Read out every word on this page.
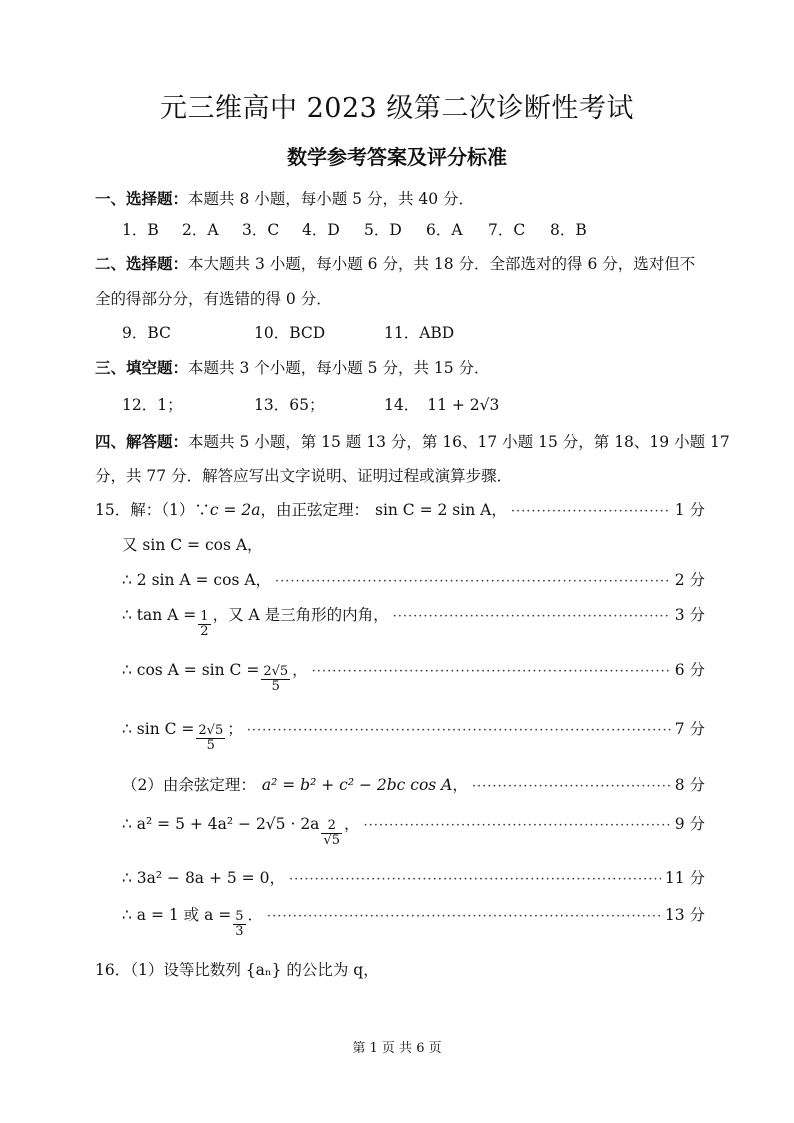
元三维高中 2023 级第二次诊断性考试
数学参考答案及评分标准
一、选择题：本题共 8 小题，每小题 5 分，共 40 分．
1．B 2．A 3．C 4．D 5．D 6．A 7．C 8．B
二、选择题：本大题共 3 小题，每小题 6 分，共 18 分．全部选对的得 6 分，选对但不
全的得部分分，有选错的得 0 分．
9．BC	10．BCD	11．ABD
三、填空题：本题共 3 个小题，每小题 5 分，共 15 分．
12．1；	13．65；	14． 11 + 2√3
四、解答题：本题共 5 小题，第 15 题 13 分，第 16、17 小题 15 分，第 18、19 小题 17
分，共 77 分．解答应写出文字说明、证明过程或演算步骤．
15．解：（1）∵ c = 2a ，由正弦定理： sin C = 2 sin A ， ·····	1 分
又 sin C = cos A，
∴ 2 sin A = cos A， ·····	2 分
∴ $\tan A = \frac{1}{2}$ ，又 A 是三角形的内角， ·····	3 分
∴ $\cos A = \sin C = \frac{2√5}{5}$ ， ·····	6 分
∴ $\sin C = \frac{2√5}{5}$ ； ·····	7 分
（2）由余弦定理： a² = b² + c² − 2bc cos A ， ·····	8 分
∴ $a^2 = 5 + 4a^2 - 2√5 \cdot 2a \frac{2}{√5}$ ， ·····	9 分
∴ 3a² − 8a + 5 = 0， ·····	11 分
∴ a = 1 或 $a = \frac{5}{3}$ ． ·····	13 分
16．（1）设等比数列 {aₙ} 的公比为 q，
第 1 页 共 6 页
